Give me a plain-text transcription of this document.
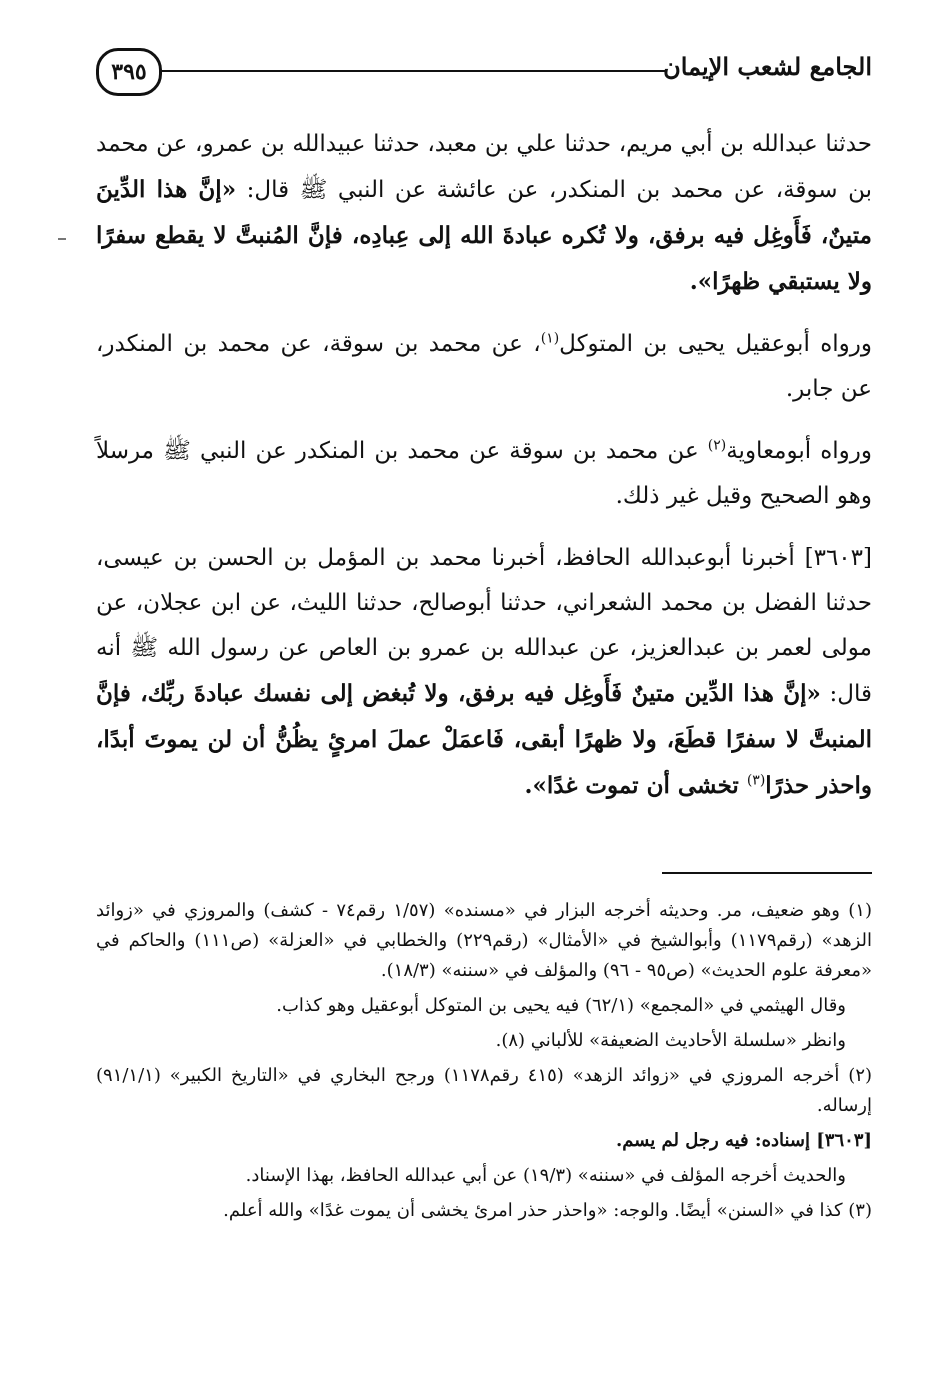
٣٩٥	الجامع لشعب الإيمان

حدثنا عبدالله بن أبي مريم، حدثنا علي بن معبد، حدثنا عبيدالله بن عمرو، عن محمد بن سوقة، عن محمد بن المنكدر، عن عائشة عن النبي ﷺ قال: «إنَّ هذا الدِّينَ متينٌ، فَأَوغِل فيه برفق، ولا تُكره عبادةَ الله إلى عِبادِه، فإنَّ المُنبتَّ لا يقطع سفرًا ولا يستبقي ظهرًا».

ورواه أبوعقيل يحيى بن المتوكل$^{(١)}$، عن محمد بن سوقة، عن محمد بن المنكدر، عن جابر.

ورواه أبومعاوية$^{(٢)}$ عن محمد بن سوقة عن محمد بن المنكدر عن النبي ﷺ مرسلاً وهو الصحيح وقيل غير ذلك.

[٣٦٠٣] أخبرنا أبوعبدالله الحافظ، أخبرنا محمد بن المؤمل بن الحسن بن عيسى، حدثنا الفضل بن محمد الشعراني، حدثنا أبوصالح، حدثنا الليث، عن ابن عجلان، عن مولى لعمر بن عبدالعزيز، عن عبدالله بن عمرو بن العاص عن رسول الله ﷺ أنه قال: «إنَّ هذا الدِّين متينٌ فَأَوغِل فيه برفق، ولا تُبغض إلى نفسك عبادةَ ربِّك، فإنَّ المنبتَّ لا سفرًا قطَعَ، ولا ظهرًا أبقى، فَاعمَلْ عملَ امرئٍ يظُنُّ أن لن يموتَ أبدًا، واحذر حذرًا$^{(٣)}$ تخشى أن تموت غدًا».

(١) وهو ضعيف، مر. وحديثه أخرجه البزار في «مسنده» (١/٥٧ رقم٧٤ - كشف) والمروزي في «زوائد الزهد» (رقم١١٧٩) وأبوالشيخ في «الأمثال» (رقم٢٢٩) والخطابي في «العزلة» (ص١١١) والحاكم في «معرفة علوم الحديث» (ص٩٥ - ٩٦) والمؤلف في «سننه» (١٨/٣).

وقال الهيثمي في «المجمع» (٦٢/١) فيه يحيى بن المتوكل أبوعقيل وهو كذاب.

وانظر «سلسلة الأحاديث الضعيفة» للألباني (٨).

(٢) أخرجه المروزي في «زوائد الزهد» (٤١٥ رقم١١٧٨) ورجح البخاري في «التاريخ الكبير» (٩١/١/١) إرساله.

[٣٦٠٣] إسناده: فيه رجل لم يسم.

والحديث أخرجه المؤلف في «سننه» (١٩/٣) عن أبي عبدالله الحافظ، بهذا الإسناد.

(٣) كذا في «السنن» أيضًا. والوجه: «واحذر حذر امرئ يخشى أن يموت غدًا» والله أعلم.
